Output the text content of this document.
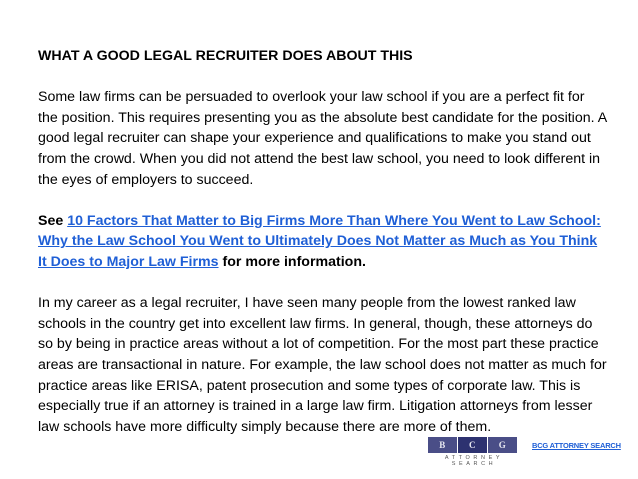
WHAT A GOOD LEGAL RECRUITER DOES ABOUT THIS

Some law firms can be persuaded to overlook your law school if you are a perfect fit for the position. This requires presenting you as the absolute best candidate for the position. A good legal recruiter can shape your experience and qualifications to make you stand out from the crowd. When you did not attend the best law school, you need to look different in the eyes of employers to succeed.

See 10 Factors That Matter to Big Firms More Than Where You Went to Law School: Why the Law School You Went to Ultimately Does Not Matter as Much as You Think It Does to Major Law Firms for more information.

In my career as a legal recruiter, I have seen many people from the lowest ranked law schools in the country get into excellent law firms. In general, though, these attorneys do so by being in practice areas without a lot of competition. For the most part these practice areas are transactional in nature. For example, the law school does not matter as much for practice areas like ERISA, patent prosecution and some types of corporate law. This is especially true if an attorney is trained in a large law firm. Litigation attorneys from lesser law schools have more difficulty simply because there are more of them.

B	C	G
ATTORNEY SEARCH
BCG ATTORNEY SEARCH
